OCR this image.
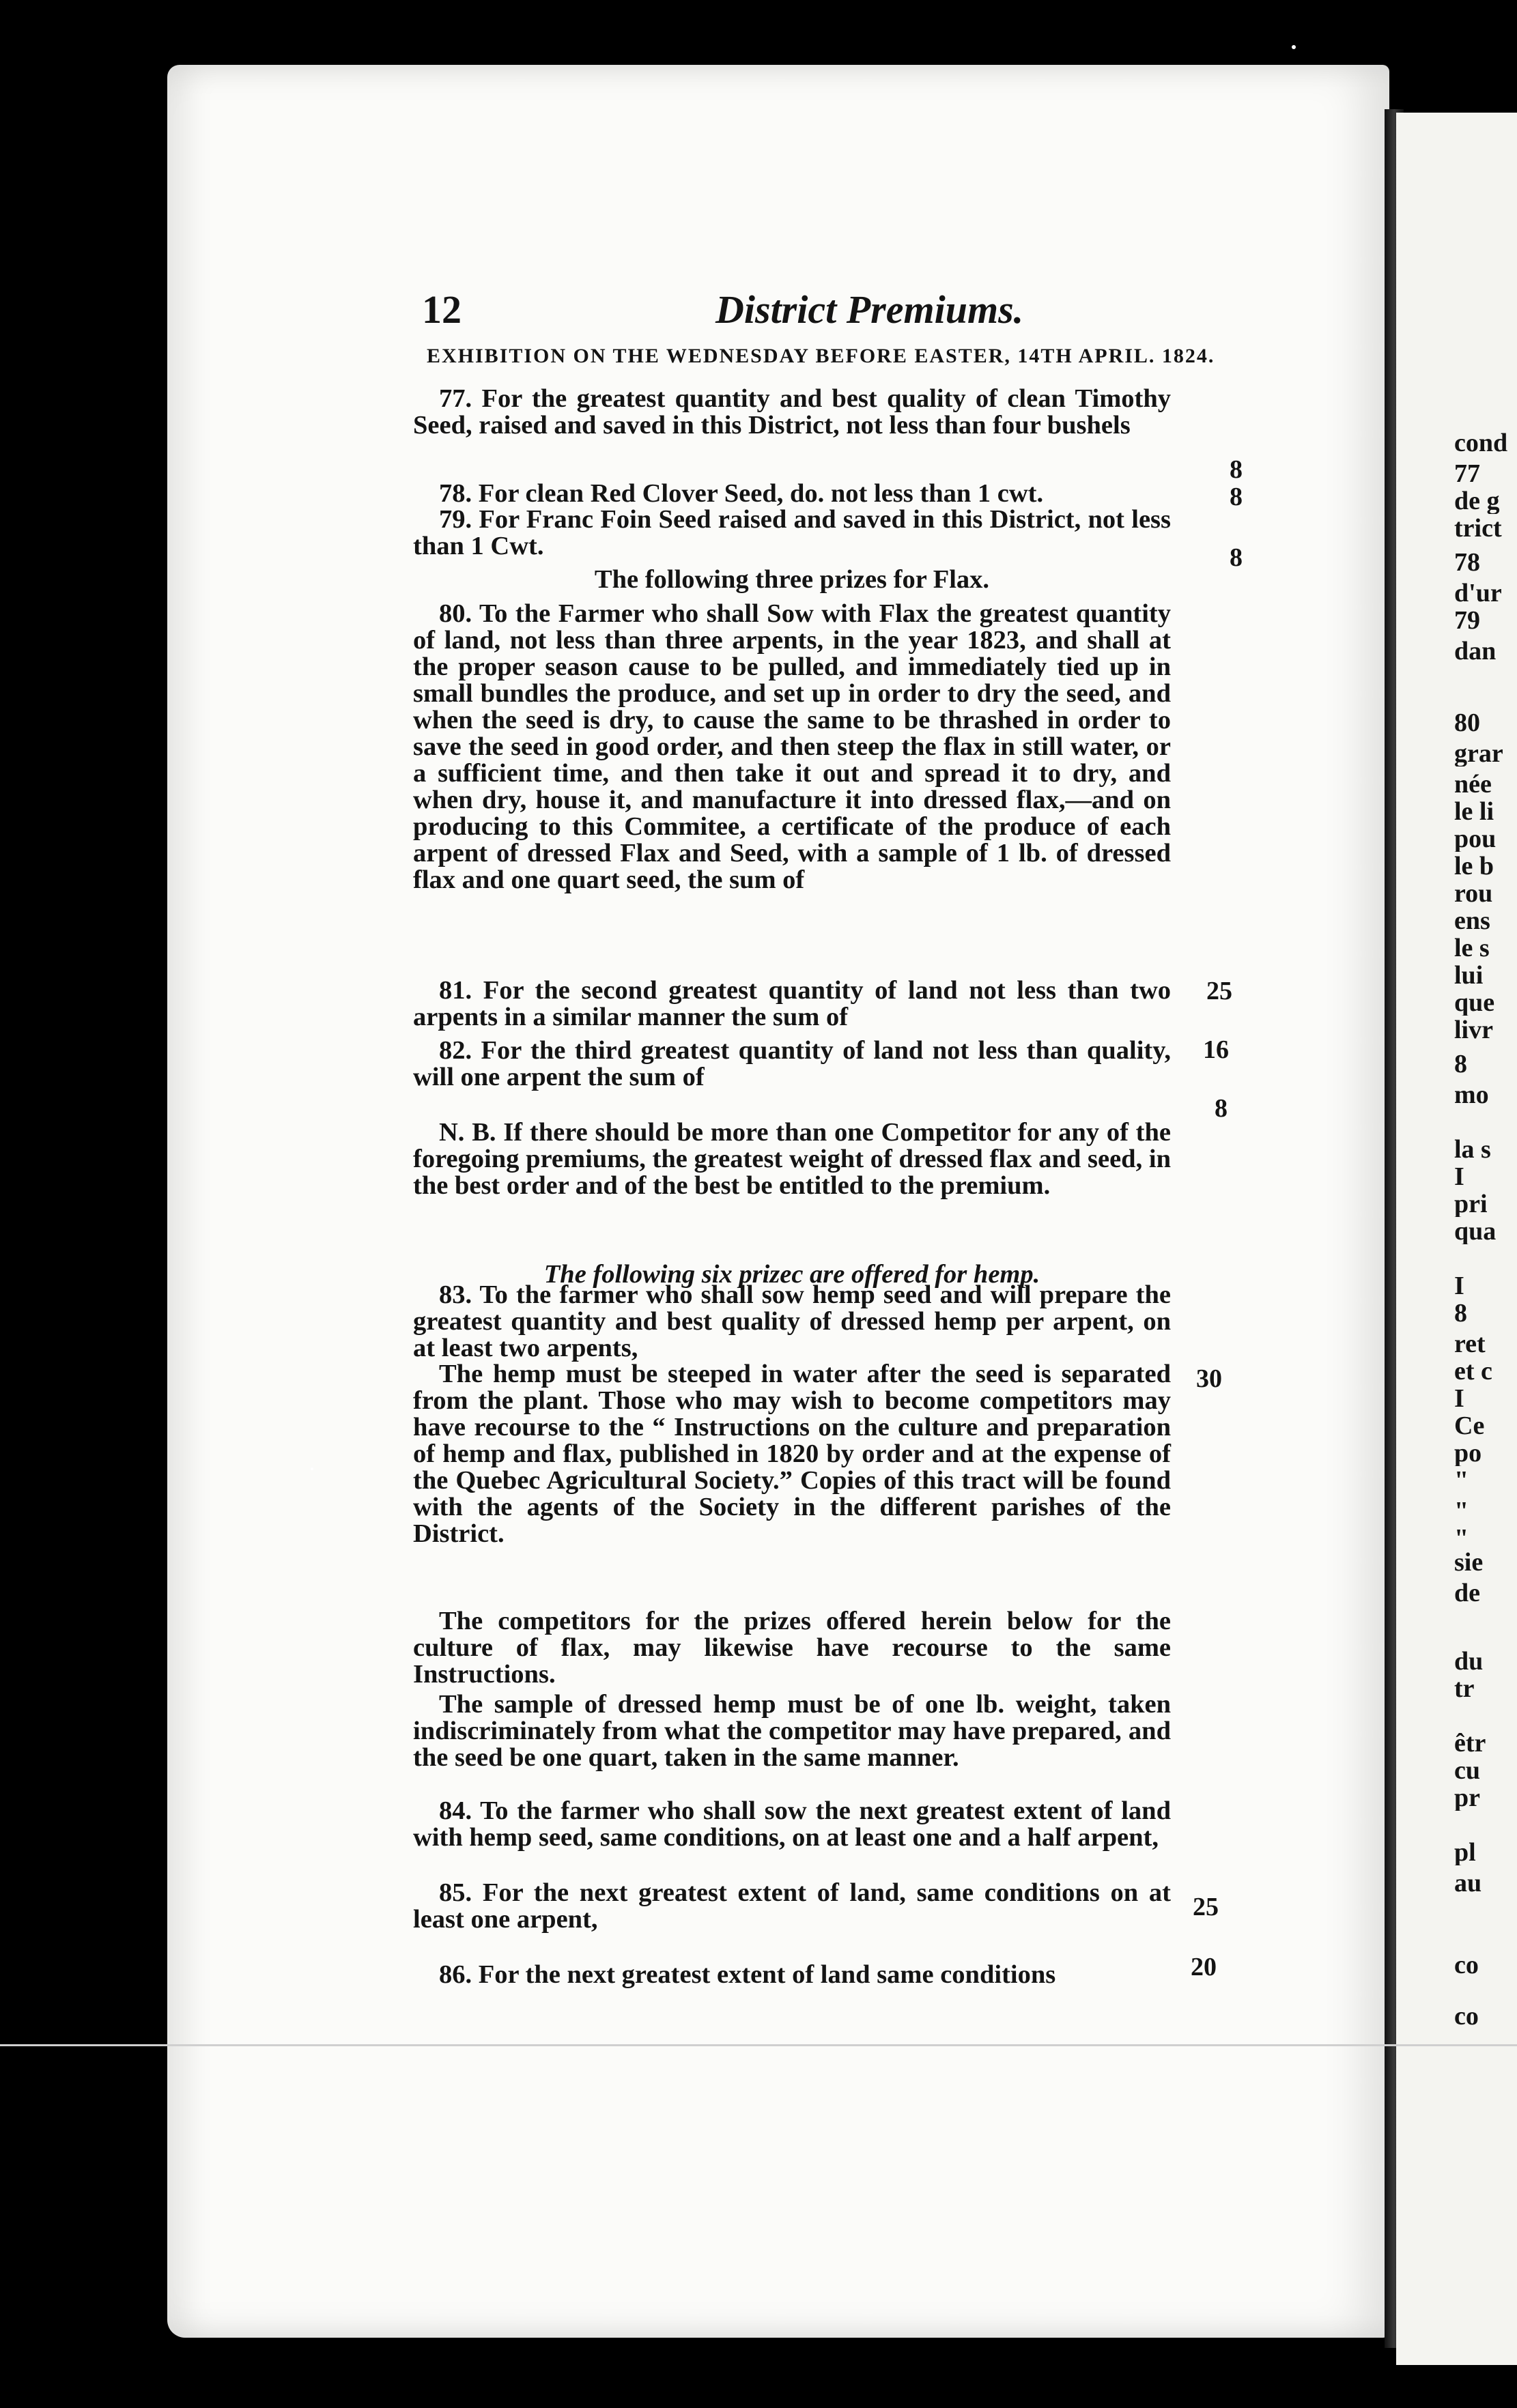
12	District Premiums.
EXHIBITION ON THE WEDNESDAY BEFORE EASTER, 14TH APRIL. 1824.

77. For the greatest quantity and best quality of clean Timothy Seed, raised and saved in this District, not less than four bushels

78. For clean Red Clover Seed, do. not less than 1 cwt.

79. For Franc Foin Seed raised and saved in this District, not less than 1 Cwt.

The following three prizes for Flax.

80. To the Farmer who shall Sow with Flax the greatest quantity of land, not less than three arpents, in the year 1823, and shall at the proper season cause to be pulled, and immediately tied up in small bundles the produce, and set up in order to dry the seed, and when the seed is dry, to cause the same to be thrashed in order to save the seed in good order, and then steep the flax in still water, or a sufficient time, and then take it out and spread it to dry, and when dry, house it, and manufacture it into dressed flax,—and on producing to this Commitee, a certificate of the produce of each arpent of dressed Flax and Seed, with a sample of 1 lb. of dressed flax and one quart seed, the sum of

81. For the second greatest quantity of land not less than two arpents in a similar manner the sum of

82. For the third greatest quantity of land not less than quality, will one arpent the sum of

N. B. If there should be more than one Competitor for any of the foregoing premiums, the greatest weight of dressed flax and seed, in the best order and of the best be entitled to the premium.

The following six prizec are offered for hemp.

83. To the farmer who shall sow hemp seed and will prepare the greatest quantity and best quality of dressed hemp per arpent, on at least two arpents,

The hemp must be steeped in water after the seed is separated from the plant. Those who may wish to become competitors may have recourse to the “ Instructions on the culture and preparation of hemp and flax, published in 1820 by order and at the expense of the Quebec Agricultural Society.” Copies of this tract will be found with the agents of the Society in the different parishes of the District.

The competitors for the prizes offered herein below for the culture of flax, may likewise have recourse to the same Instructions.

The sample of dressed hemp must be of one lb. weight, taken indiscriminately from what the competitor may have prepared, and the seed be one quart, taken in the same manner.

84. To the farmer who shall sow the next greatest extent of land with hemp seed, same conditions, on at least one and a half arpent,

85. For the next greatest extent of land, same conditions on at least one arpent,

86. For the next greatest extent of land same conditions

8
8
8
25
16
8
30
25
20
cond
77
de g
trict
78
d'ur
79
dan
80
grar
née
le li
pou
le b
rou
ens
le s
lui
que
livr
8
mo
la s
I
pri
qua
I
8
ret
et c
I
Ce
po
"
"
"
sie
de
du
tr
êtr
cu
pr
pl
au
co
co
